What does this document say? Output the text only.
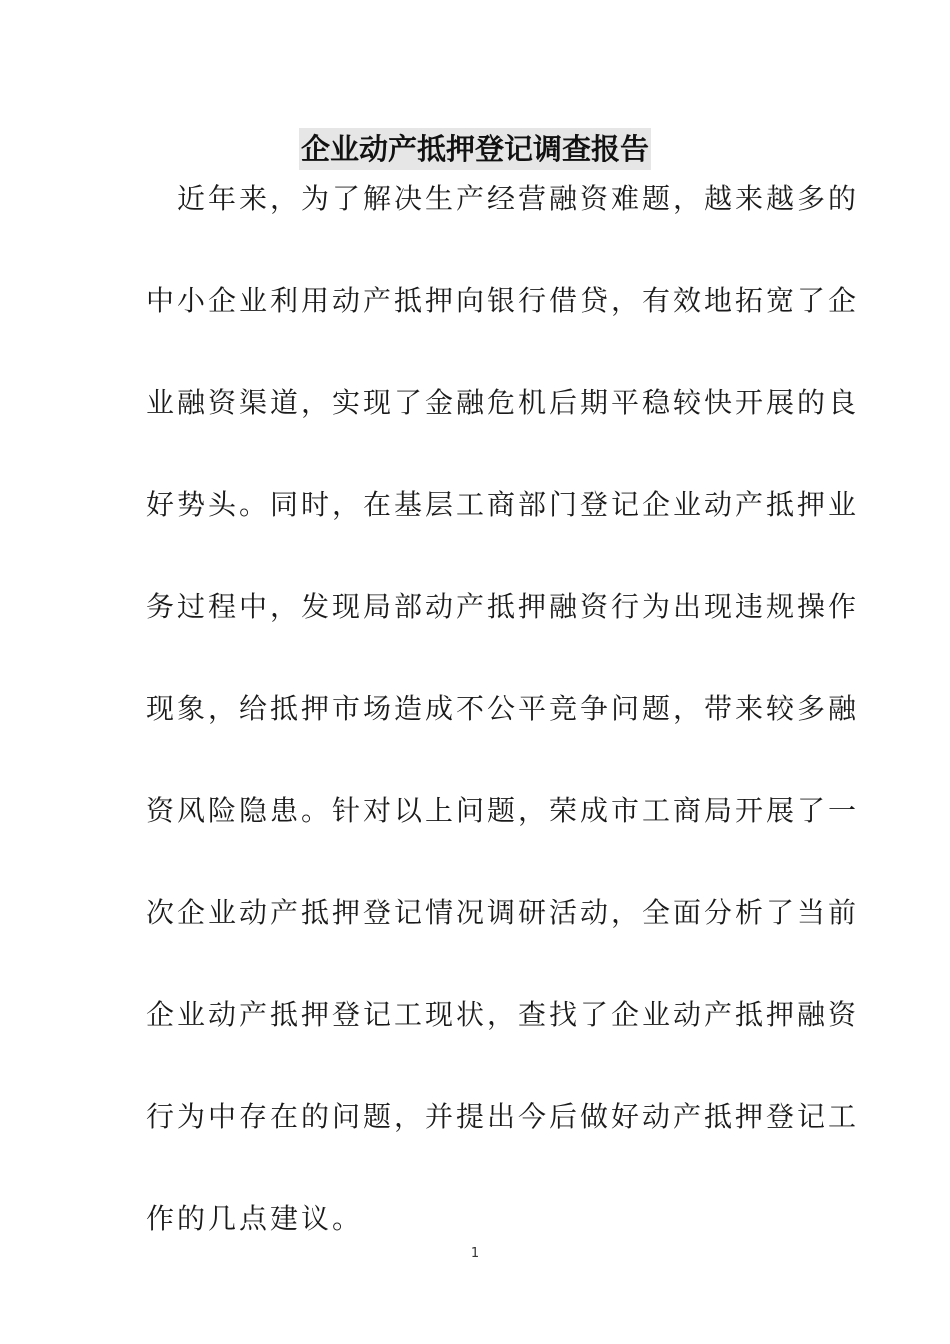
企业动产抵押登记调查报告
　近年来，为了解决生产经营融资难题，越来越多的
中小企业利用动产抵押向银行借贷，有效地拓宽了企
业融资渠道，实现了金融危机后期平稳较快开展的良
好势头。同时，在基层工商部门登记企业动产抵押业
务过程中，发现局部动产抵押融资行为出现违规操作
现象，给抵押市场造成不公平竞争问题，带来较多融
资风险隐患。针对以上问题，荣成市工商局开展了一
次企业动产抵押登记情况调研活动，全面分析了当前
企业动产抵押登记工现状，查找了企业动产抵押融资
行为中存在的问题，并提出今后做好动产抵押登记工
作的几点建议。
1
